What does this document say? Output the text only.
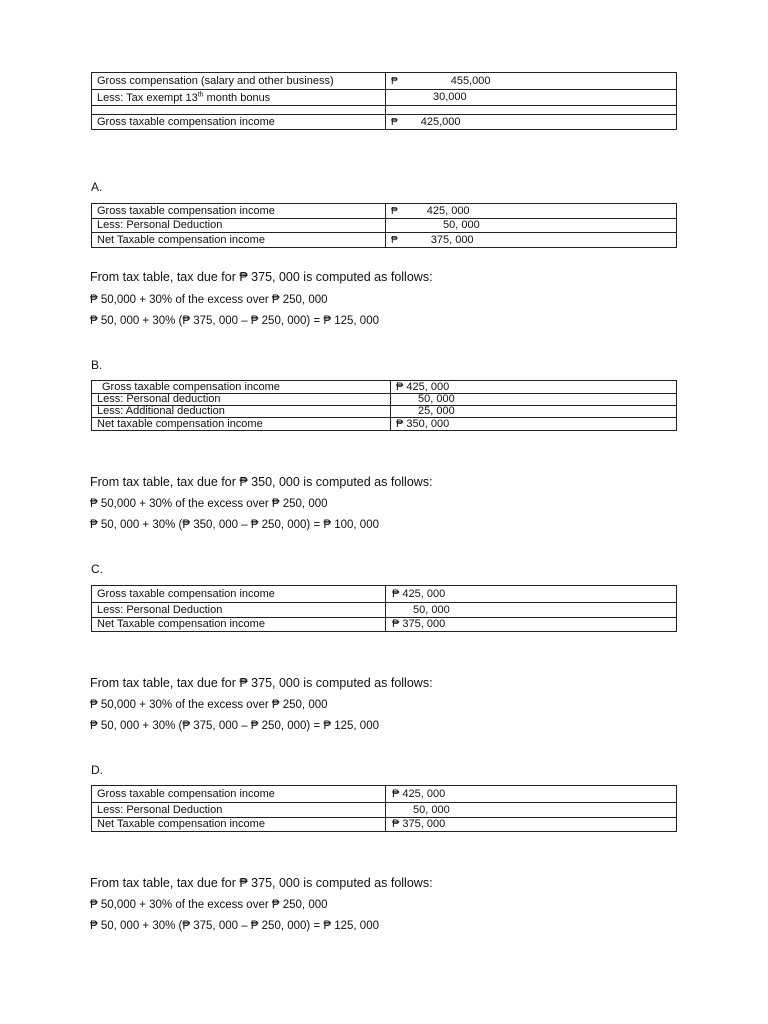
Gross compensation (salary and other business)	₱ 455,000
Less: Tax exempt 13th month bonus	30,000

Gross taxable compensation income	₱ 425,000
A.
Gross taxable compensation income	₱ 425, 000
Less: Personal Deduction	50, 000
Net Taxable compensation income	₱ 375, 000
From tax table, tax due for ₱ 375, 000 is computed as follows:
₱ 50,000 + 30% of the excess over ₱ 250, 000
₱ 50, 000 + 30% (₱ 375, 000 – ₱ 250, 000) = ₱ 125, 000
B.
Gross taxable compensation income	₱ 425, 000
Less: Personal deduction	50, 000
Less: Additional deduction	25, 000
Net taxable compensation income	₱ 350, 000
From tax table, tax due for ₱ 350, 000 is computed as follows:
₱ 50,000 + 30% of the excess over ₱ 250, 000
₱ 50, 000 + 30% (₱ 350, 000 – ₱ 250, 000) = ₱ 100, 000
C.
Gross taxable compensation income	₱ 425, 000
Less: Personal Deduction	50, 000
Net Taxable compensation income	₱ 375, 000
From tax table, tax due for ₱ 375, 000 is computed as follows:
₱ 50,000 + 30% of the excess over ₱ 250, 000
₱ 50, 000 + 30% (₱ 375, 000 – ₱ 250, 000) = ₱ 125, 000
D.
Gross taxable compensation income	₱ 425, 000
Less: Personal Deduction	50, 000
Net Taxable compensation income	₱ 375, 000
From tax table, tax due for ₱ 375, 000 is computed as follows:
₱ 50,000 + 30% of the excess over ₱ 250, 000
₱ 50, 000 + 30% (₱ 375, 000 – ₱ 250, 000) = ₱ 125, 000
